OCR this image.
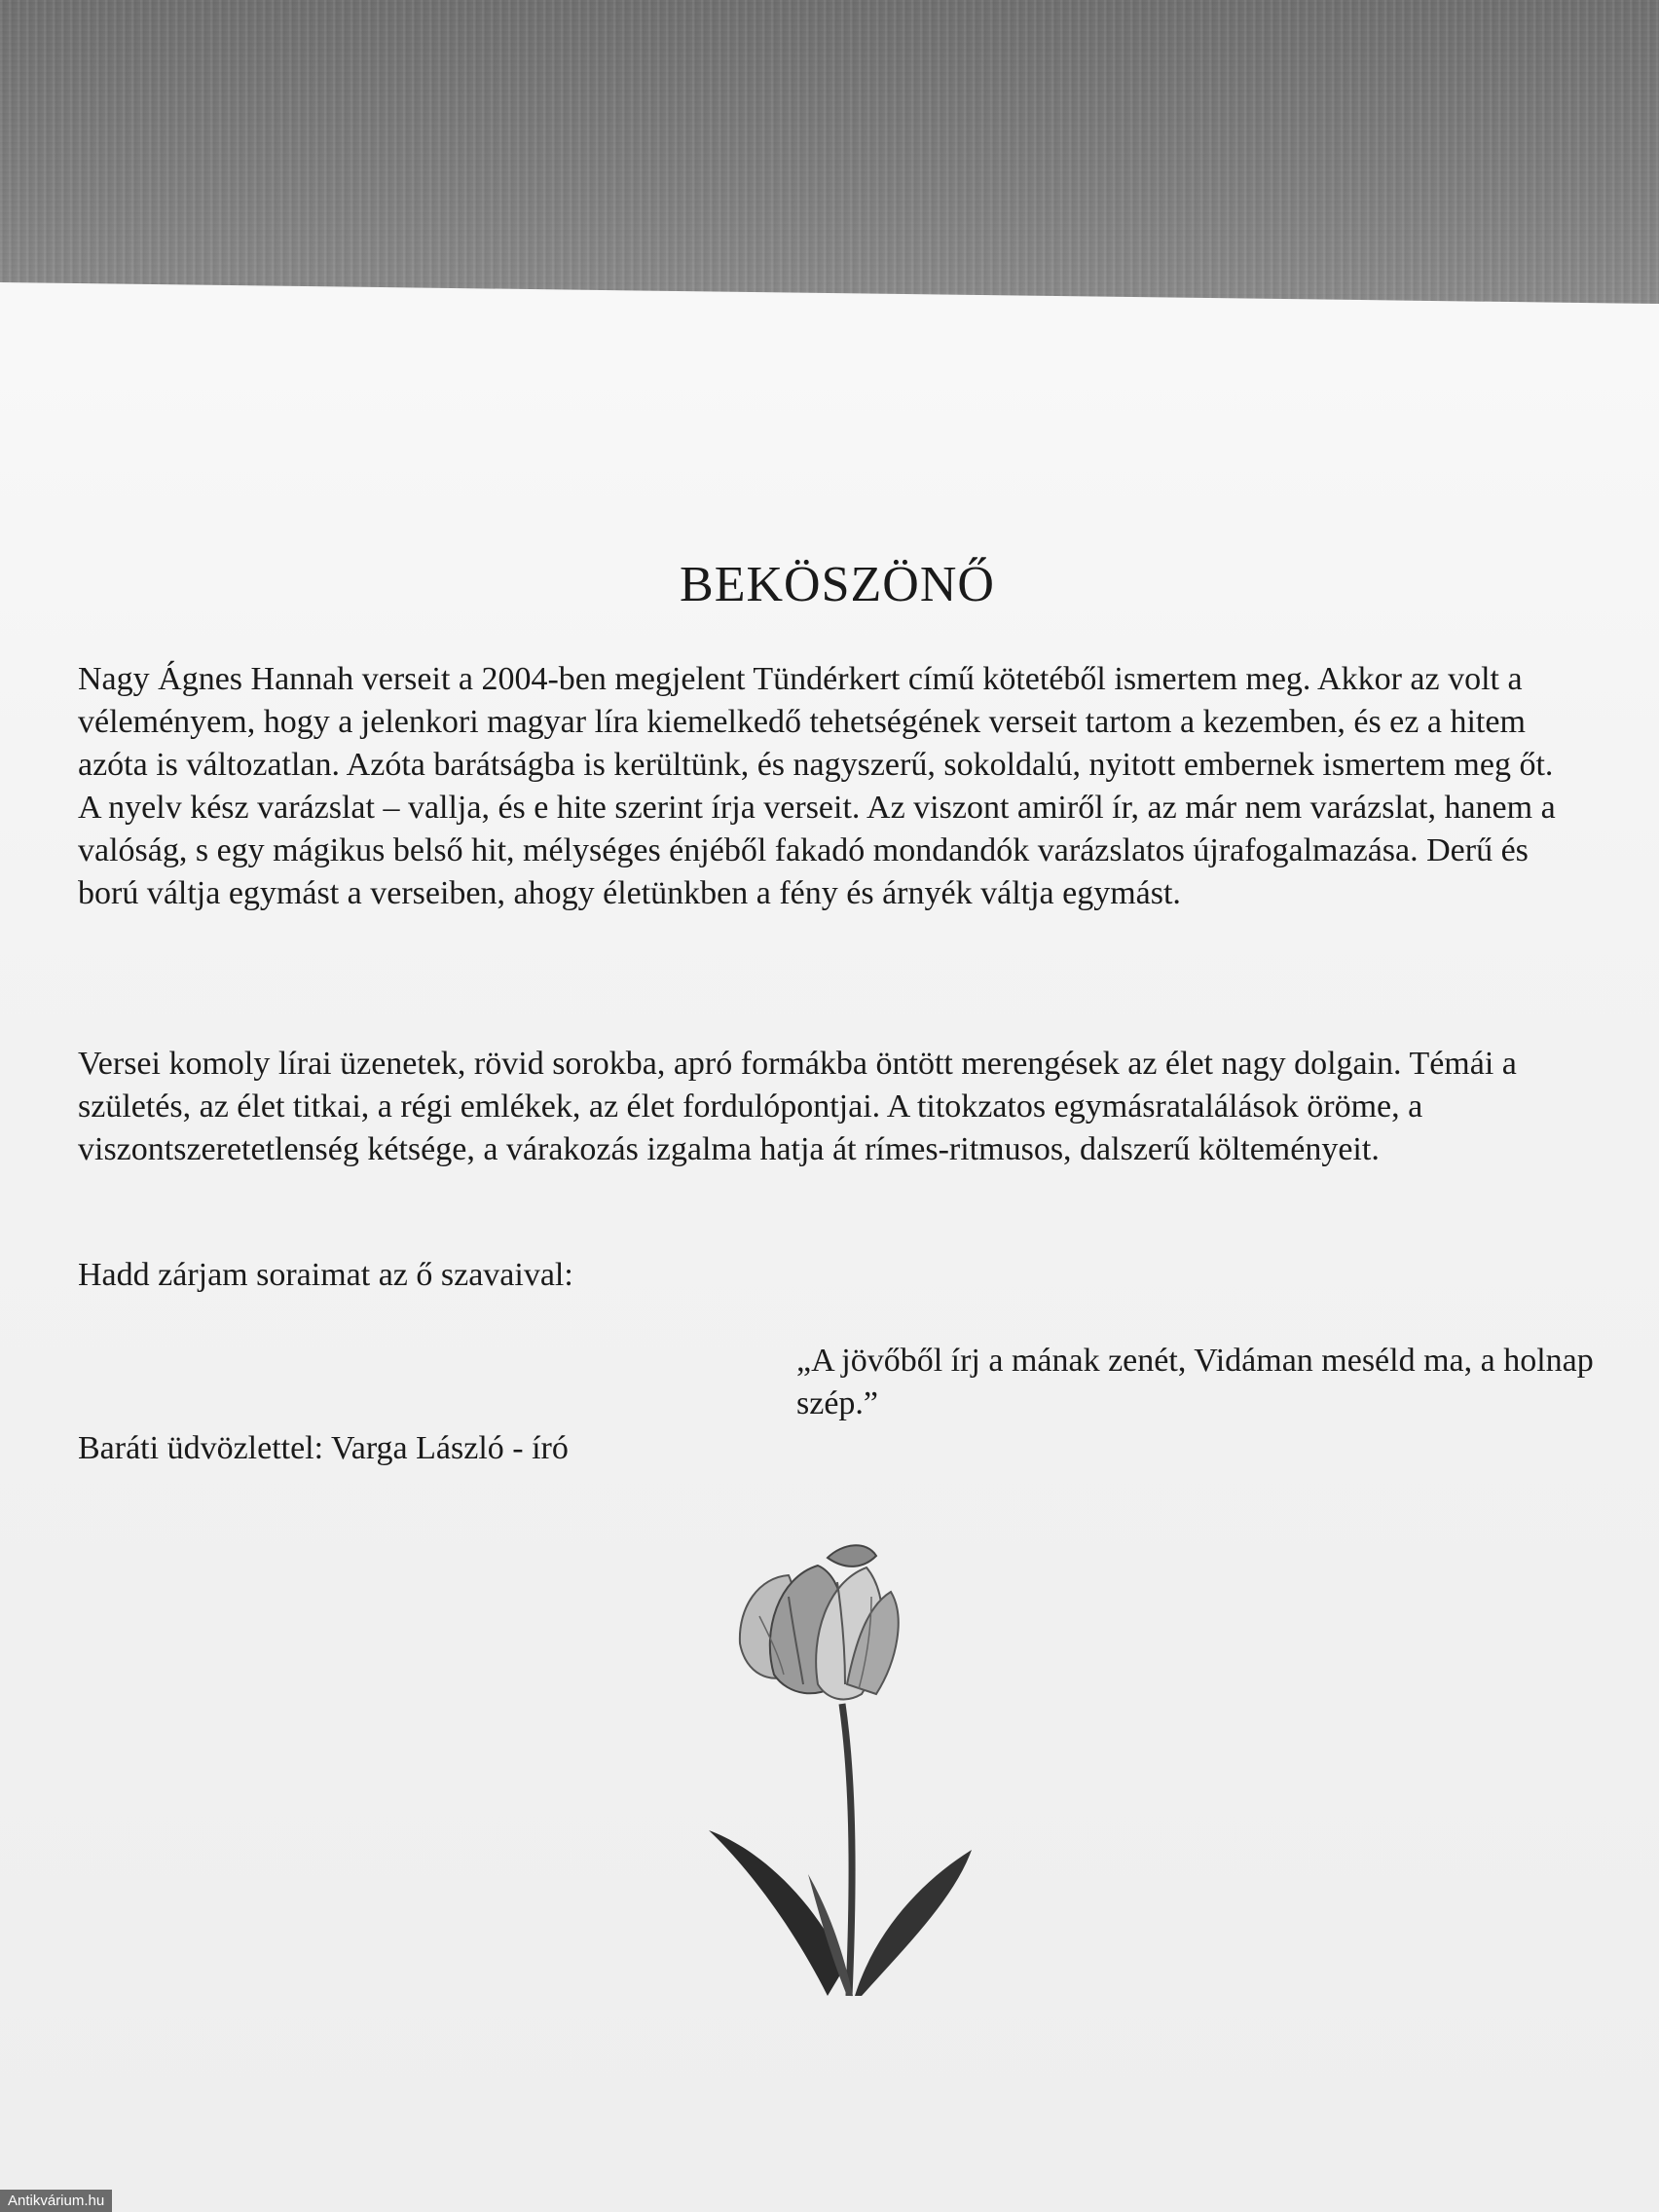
BEKÖSZÖNŐ

Nagy Ágnes Hannah verseit a 2004-ben megjelent Tündérkert című kötetéből ismertem meg. Akkor az volt a véleményem, hogy a jelenkori magyar líra kiemelkedő tehetségének verseit tartom a kezemben, és ez a hitem azóta is változatlan. Azóta barátságba is kerültünk, és nagyszerű, sokoldalú, nyitott embernek ismertem meg őt.
A nyelv kész varázslat – vallja, és e hite szerint írja verseit. Az viszont amiről ír, az már nem varázslat, hanem a valóság, s egy mágikus belső hit, mélységes énjéből fakadó mondandók varázslatos újrafogalmazása. Derű és ború váltja egymást a verseiben, ahogy életünkben a fény és árnyék váltja egymást.

Versei komoly lírai üzenetek, rövid sorokba, apró formákba öntött merengések az élet nagy dolgain. Témái a születés, az élet titkai, a régi emlékek, az élet fordulópontjai. A titokzatos egymásratalálások öröme, a viszontszeretetlenség kétsége, a várakozás izgalma hatja át rímes-ritmusos, dalszerű költeményeit.

Hadd zárjam soraimat az ő szavaival:

„A jövőből írj a mának zenét, Vidáman meséld ma, a holnap szép.”

Baráti üdvözlettel: Varga László - író

Antikvárium.hu
